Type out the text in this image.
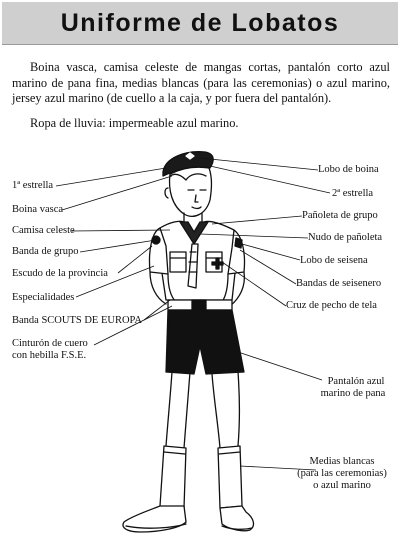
Uniforme de Lobatos

Boina vasca, camisa celeste de mangas cortas, pantalón corto azul marino de pana fina, medias blancas (para las ceremonias) o azul marino, jersey azul marino (de cuello a la caja, y por fuera del pantalón).

Ropa de lluvia: impermeable azul marino.
1ª estrella
Boina vasca
Camisa celeste
Banda de grupo
Escudo de la provincia
Especialidades
Banda SCOUTS DE EUROPA
Cinturón de cuero
con hebilla F.S.E.
Lobo de boina
2ª estrella
Pañoleta de grupo
Nudo de pañoleta
Lobo de seisena
Bandas de seisenero
Cruz de pecho de tela
Pantalón azul
marino de pana
Medias blancas
(para las ceremonias)
o azul marino
